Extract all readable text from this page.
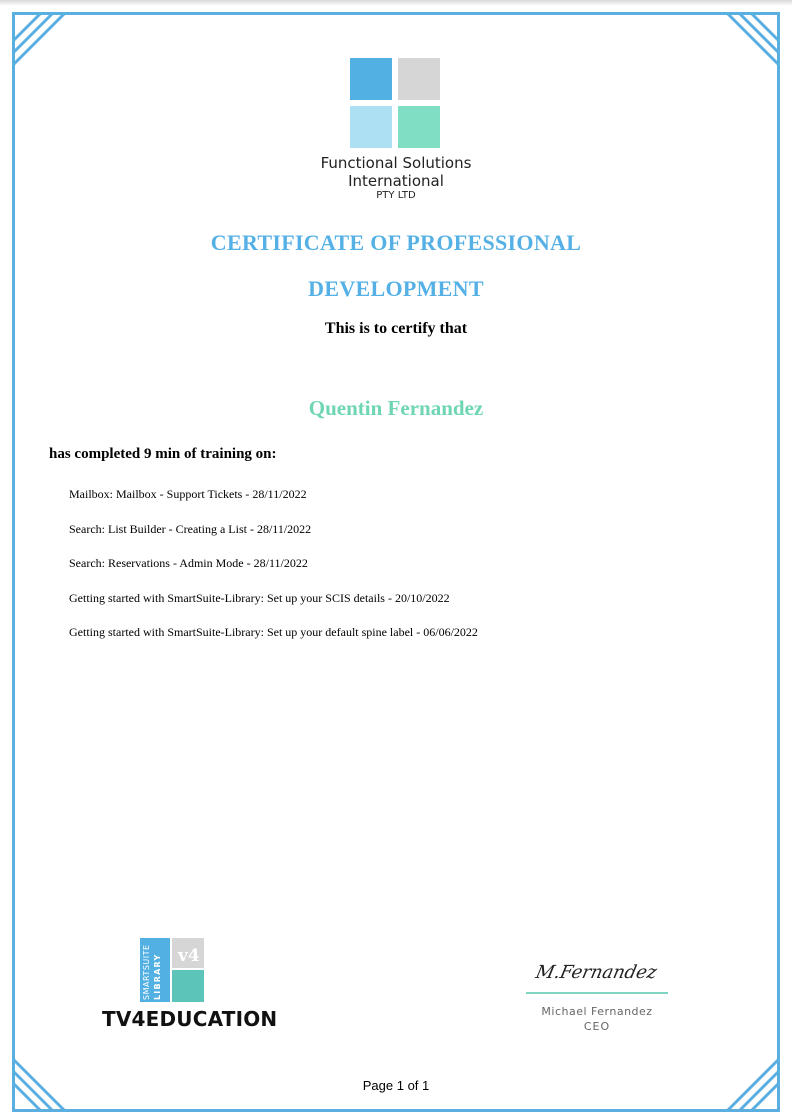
Functional Solutions
International
PTY LTD
CERTIFICATE OF PROFESSIONAL
DEVELOPMENT
This is to certify that
Quentin Fernandez
has completed 9 min of training on:
Mailbox: Mailbox - Support Tickets - 28/11/2022
Search: List Builder - Creating a List - 28/11/2022
Search: Reservations - Admin Mode - 28/11/2022
Getting started with SmartSuite-Library: Set up your SCIS details - 20/10/2022
Getting started with SmartSuite-Library: Set up your default spine label - 06/06/2022
SMARTSUITE LIBRARY v4
TV4EDUCATION
M.Fernandez
Michael Fernandez
CEO
Page 1 of 1
